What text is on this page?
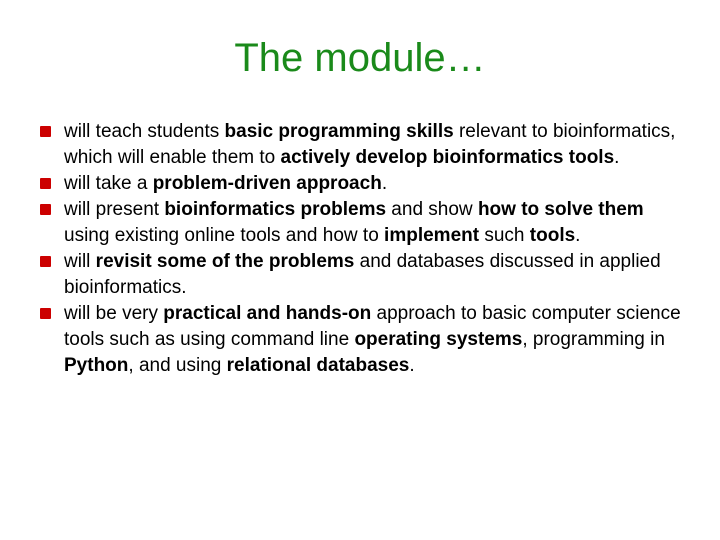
The module…
will teach students basic programming skills relevant to bioinformatics, which will enable them to actively develop bioinformatics tools.
will take a problem-driven approach.
will present bioinformatics problems and show how to solve them using existing online tools and how to implement such tools.
will revisit some of the problems and databases discussed in applied bioinformatics.
will be very practical and hands-on approach to basic computer science tools such as using command line operating systems, programming in Python, and using relational databases.
